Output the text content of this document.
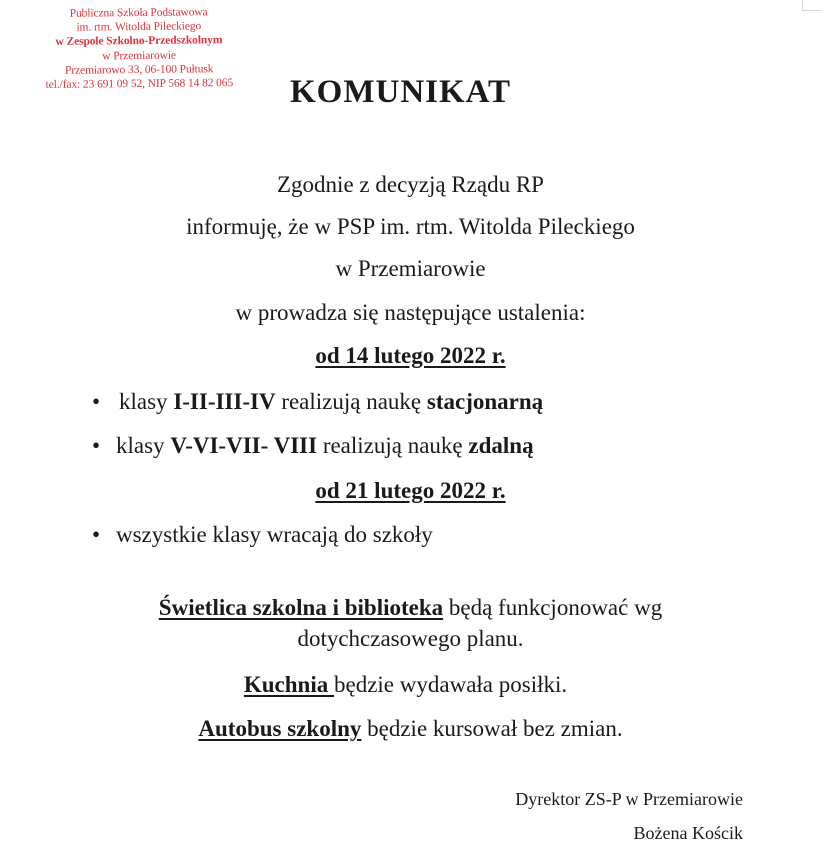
Publiczna Szkoła Podstawowa
im. rtm. Witolda Pileckiego
w Zespole Szkolno-Przedszkolnym
w Przemiarowie
Przemiarowo 33, 06-100 Pułtusk
tel./fax: 23 691 09 52, NIP 568 14 82 065	KOMUNIKAT
Zgodnie z decyzją Rządu RP
informuję, że w PSP im. rtm. Witolda Pileckiego
w Przemiarowie
w prowadza się następujące ustalenia:
od 14 lutego 2022 r.
• klasy I-II-III-IV realizują naukę stacjonarną
• klasy V-VI-VII- VIII realizują naukę zdalną
od 21 lutego 2022 r.
• wszystkie klasy wracają do szkoły
Świetlica szkolna i biblioteka będą funkcjonować wg
dotychczasowego planu.
Kuchnia będzie wydawała posiłki.
Autobus szkolny będzie kursował bez zmian.
Dyrektor ZS-P w Przemiarowie
Bożena Kościk
